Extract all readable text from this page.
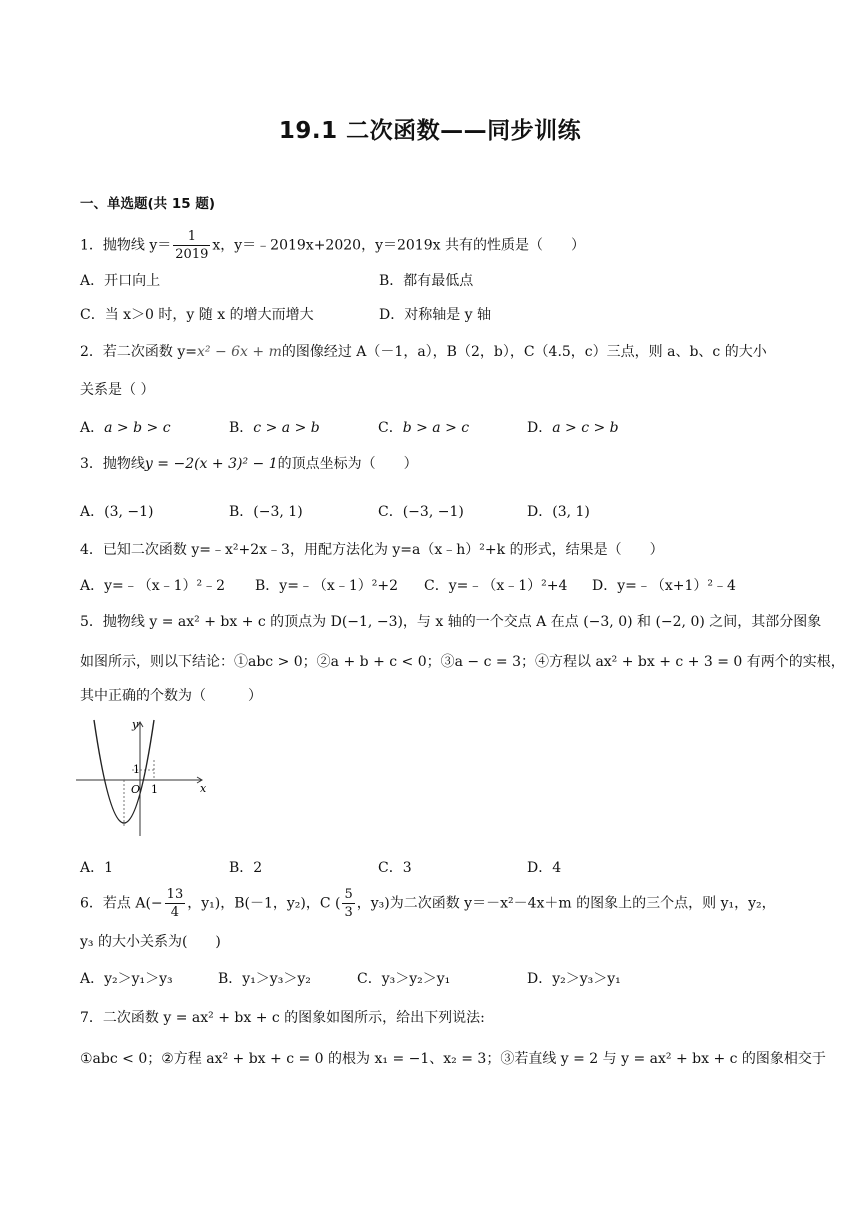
19.1 二次函数——同步训练
一、单选题(共 15 题)
1．抛物线 $y= \frac{1}{2019}$ x，y＝﹣2019x+2020，y＝2019x 共有的性质是（　　）
A．开口向上	B．都有最低点
C．当 x＞0 时，y 随 x 的增大而增大	D．对称轴是 y 轴
2．若二次函数 y=x² − 6x + m的图像经过 A（－1，a），B（2，b），C（4.5，c）三点，则 a、b、c 的大小
关系是（ ）
A．a > b > c	B．c > a > b	C．b > a > c	D．a > c > b
3．抛物线y = −2(x + 3)² − 1的顶点坐标为（　　）
A．(3, −1)	B．(−3, 1)	C．(−3, −1)	D．(3, 1)
4．已知二次函数 y=﹣x²+2x﹣3，用配方法化为 y=a（x﹣h）²+k 的形式，结果是（　　）
A．y=﹣（x﹣1）²﹣2 B．y=﹣（x﹣1）²+2 C．y=﹣（x﹣1）²+4 D．y=﹣（x+1）²﹣4
5．抛物线 y = ax² + bx + c 的顶点为 D(−1, −3)，与 x 轴的一个交点 A 在点 (−3, 0) 和 (−2, 0) 之间，其部分图象
如图所示，则以下结论：①abc > 0；②a + b + c < 0；③a − c = 3；④方程以 ax² + bx + c + 3 = 0 有两个的实根，
其中正确的个数为（　　　）
y
x
1
O 1
A．1	B．2	C．3	D．4
6．若点 $A(- \frac{13}{4}$ ，y₁)，B(－1，y₂)，C ( $\frac{5}{3}$ ，y₃)为二次函数 y＝－x²－4x＋m 的图象上的三个点，则 y₁，y₂，
y₃ 的大小关系为(　　)
A．y₂＞y₁＞y₃	B．y₁＞y₃＞y₂	C．y₃＞y₂＞y₁	D．y₂＞y₃＞y₁
7．二次函数 y = ax² + bx + c 的图象如图所示，给出下列说法:
①abc < 0；②方程 ax² + bx + c = 0 的根为 x₁ = −1、x₂ = 3；③若直线 y = 2 与 y = ax² + bx + c 的图象相交于
